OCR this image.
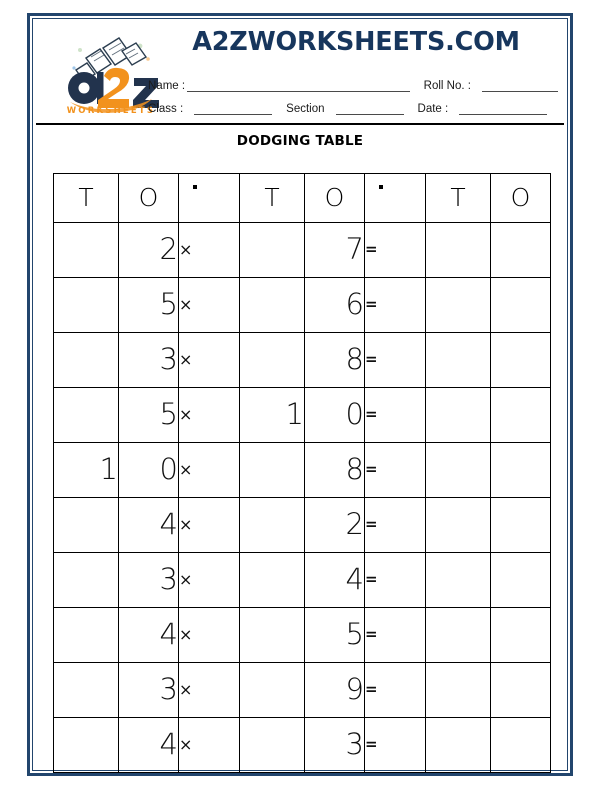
WORKSHEETS
A2ZWORKSHEETS.COM
Name :	Roll No. :
Class :	Section	Date :
DODGING TABLE
T	O		T	O		T	O
	2	×		7	=		
	5	×		6	=		
	3	×		8	=		
	5	×	1	0	=		
1	0	×		8	=		
	4	×		2	=		
	3	×		4	=		
	4	×		5	=		
	3	×		9	=		
	4	×		3	=		
